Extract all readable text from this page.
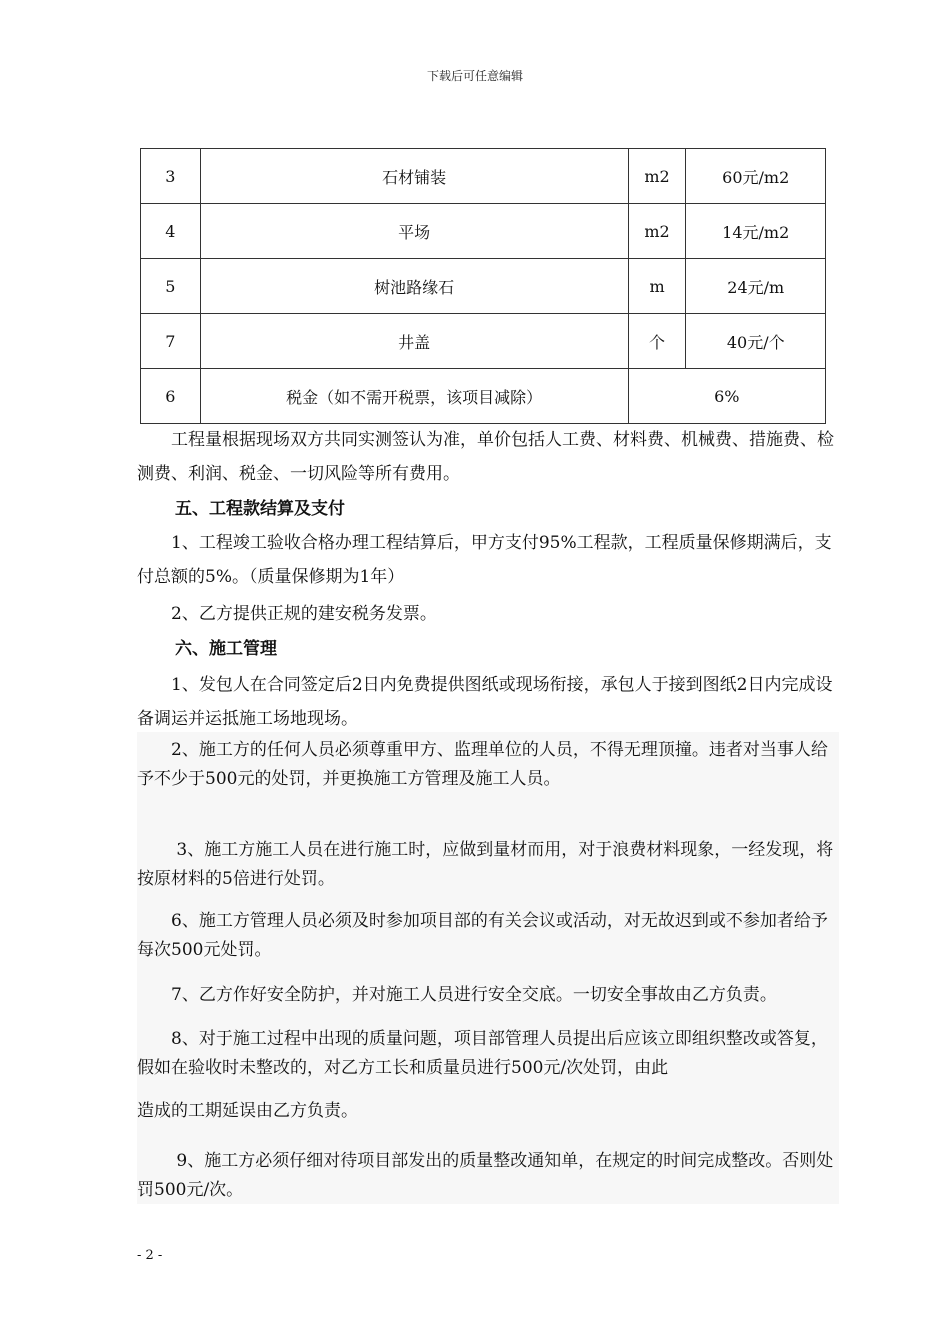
下载后可任意编辑
3	石材铺装	m2	60元/m2
4	平场	m2	14元/m2
5	树池路缘石	m	24元/m
7	井盖	个	40元/个
6	税金（如不需开税票，该项目减除）	6%	
　　工程量根据现场双方共同实测签认为准，单价包括人工费、材料费、机械费、措施费、检测费、利润、税金、一切风险等所有费用。
五、工程款结算及支付
　　1、工程竣工验收合格办理工程结算后，甲方支付95%工程款，工程质量保修期满后，支付总额的5%。（质量保修期为1年）
　　2、乙方提供正规的建安税务发票。
六、施工管理
　　1、发包人在合同签定后2日内免费提供图纸或现场衔接，承包人于接到图纸2日内完成设备调运并运抵施工场地现场。
　　2、施工方的任何人员必须尊重甲方、监理单位的人员，不得无理顶撞。违者对当事人给予不少于500元的处罚，并更换施工方管理及施工人员。
　　 3、施工方施工人员在进行施工时，应做到量材而用，对于浪费材料现象，一经发现，将按原材料的5倍进行处罚。
　　6、施工方管理人员必须及时参加项目部的有关会议或活动，对无故迟到或不参加者给予每次500元处罚。
　　7、乙方作好安全防护，并对施工人员进行安全交底。一切安全事故由乙方负责。
　　8、对于施工过程中出现的质量问题，项目部管理人员提出后应该立即组织整改或答复，假如在验收时未整改的，对乙方工长和质量员进行500元/次处罚，由此
造成的工期延误由乙方负责。
　　 9、施工方必须仔细对待项目部发出的质量整改通知单，在规定的时间完成整改。否则处罚500元/次。
- 2 -
